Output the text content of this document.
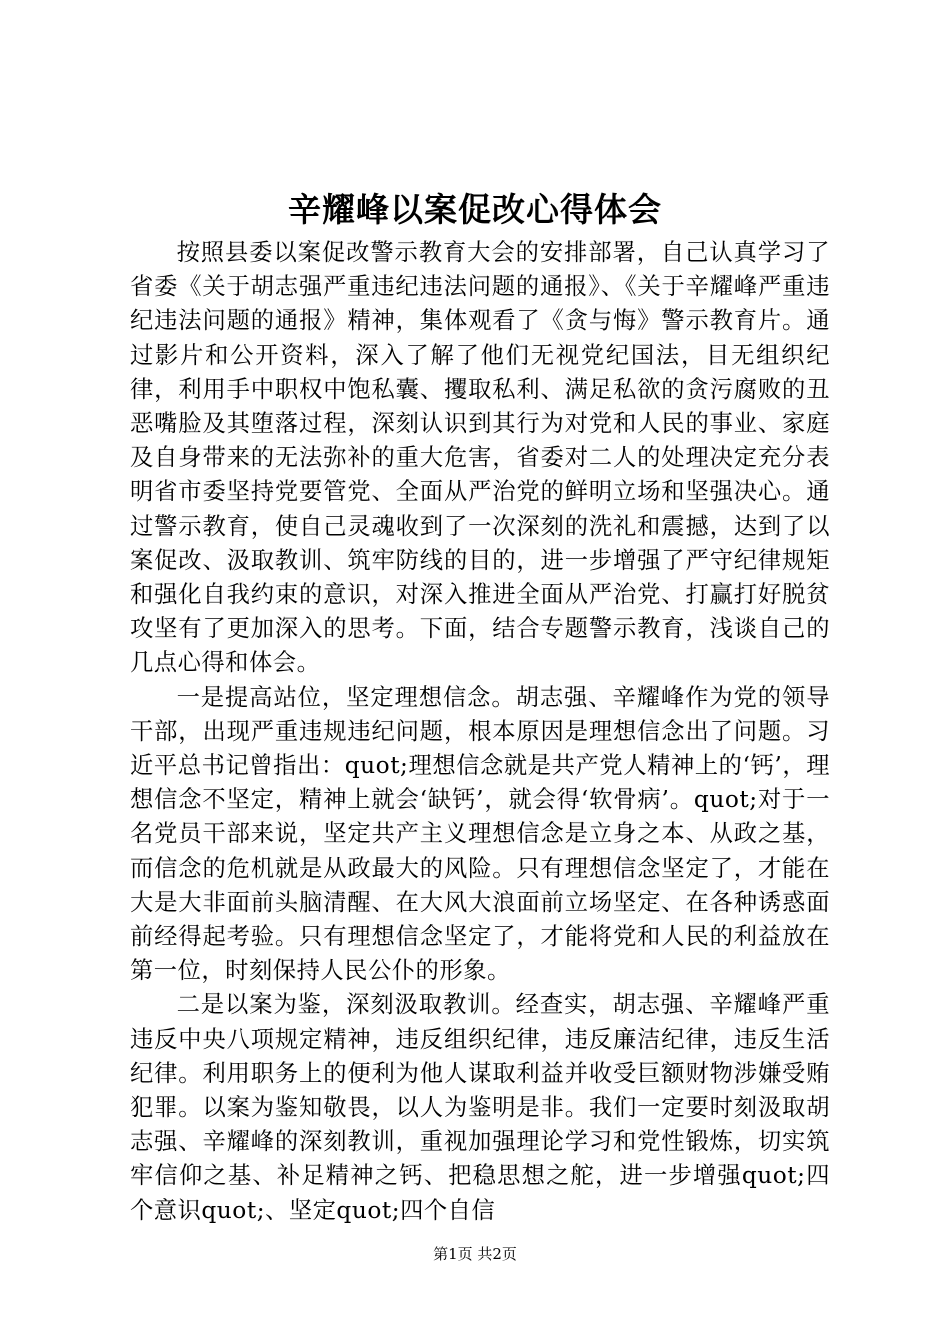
辛耀峰以案促改心得体会

按照县委以案促改警示教育大会的安排部署，自己认真学习了省委《关于胡志强严重违纪违法问题的通报》、《关于辛耀峰严重违纪违法问题的通报》精神，集体观看了《贪与悔》警示教育片。通过影片和公开资料，深入了解了他们无视党纪国法，目无组织纪律，利用手中职权中饱私囊、攫取私利、满足私欲的贪污腐败的丑恶嘴脸及其堕落过程，深刻认识到其行为对党和人民的事业、家庭及自身带来的无法弥补的重大危害，省委对二人的处理决定充分表明省市委坚持党要管党、全面从严治党的鲜明立场和坚强决心。通过警示教育，使自己灵魂收到了一次深刻的洗礼和震撼，达到了以案促改、汲取教训、筑牢防线的目的，进一步增强了严守纪律规矩和强化自我约束的意识，对深入推进全面从严治党、打赢打好脱贫攻坚有了更加深入的思考。下面，结合专题警示教育，浅谈自己的几点心得和体会。

一是提高站位，坚定理想信念。胡志强、辛耀峰作为党的领导干部，出现严重违规违纪问题，根本原因是理想信念出了问题。习近平总书记曾指出：quot;理想信念就是共产党人精神上的‘钙’，理想信念不坚定，精神上就会‘缺钙’，就会得‘软骨病’。quot;对于一名党员干部来说，坚定共产主义理想信念是立身之本、从政之基，而信念的危机就是从政最大的风险。只有理想信念坚定了，才能在大是大非面前头脑清醒、在大风大浪面前立场坚定、在各种诱惑面前经得起考验。只有理想信念坚定了，才能将党和人民的利益放在第一位，时刻保持人民公仆的形象。

二是以案为鉴，深刻汲取教训。经查实，胡志强、辛耀峰严重违反中央八项规定精神，违反组织纪律，违反廉洁纪律，违反生活纪律。利用职务上的便利为他人谋取利益并收受巨额财物涉嫌受贿犯罪。以案为鉴知敬畏，以人为鉴明是非。我们一定要时刻汲取胡志强、辛耀峰的深刻教训，重视加强理论学习和党性锻炼，切实筑牢信仰之基、补足精神之钙、把稳思想之舵，进一步增强quot;四个意识quot;、坚定quot;四个自信

第1页 共2页
